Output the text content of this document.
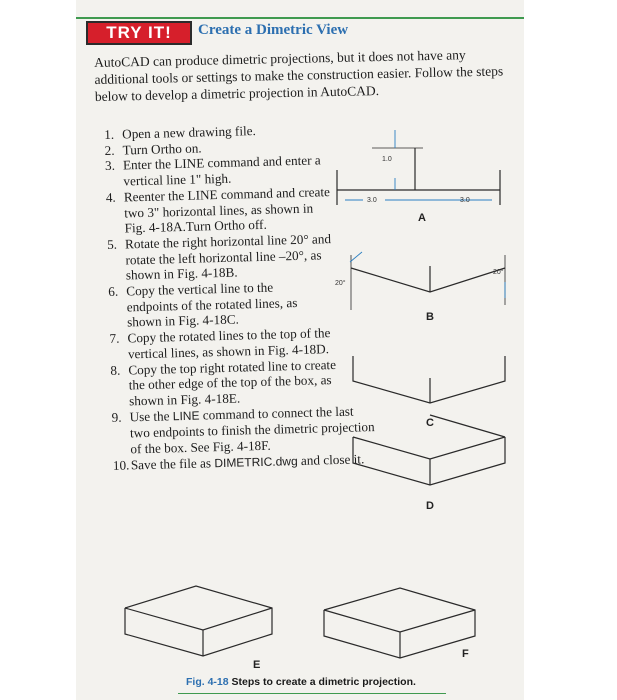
TRY IT!	Create a Dimetric View

AutoCAD can produce dimetric projections, but it does not have any additional tools or settings to make the construction easier. Follow the steps below to develop a dimetric projection in AutoCAD.

1. Open a new drawing file.

2. Turn Ortho on.

3. Enter the LINE command and enter a vertical line 1" high.

4. Reenter the LINE command and create two 3" horizontal lines, as shown in Fig. 4-18A.Turn Ortho off.

5. Rotate the right horizontal line 20° and rotate the left horizontal line –20°, as shown in Fig. 4-18B.

6. Copy the vertical line to the endpoints of the rotated lines, as shown in Fig. 4-18C.

7. Copy the rotated lines to the top of the vertical lines, as shown in Fig. 4-18D.

8. Copy the top right rotated line to create the other edge of the top of the box, as shown in Fig. 4-18E.

9. Use the LINE command to connect the last two endpoints to finish the dimetric projection of the box. See Fig. 4-18F.

10. Save the file as DIMETRIC.dwg and close it.

1.0
3.0	3.0
20°
20°
A
B
C
D
E
F
Fig. 4-18 Steps to create a dimetric projection.
